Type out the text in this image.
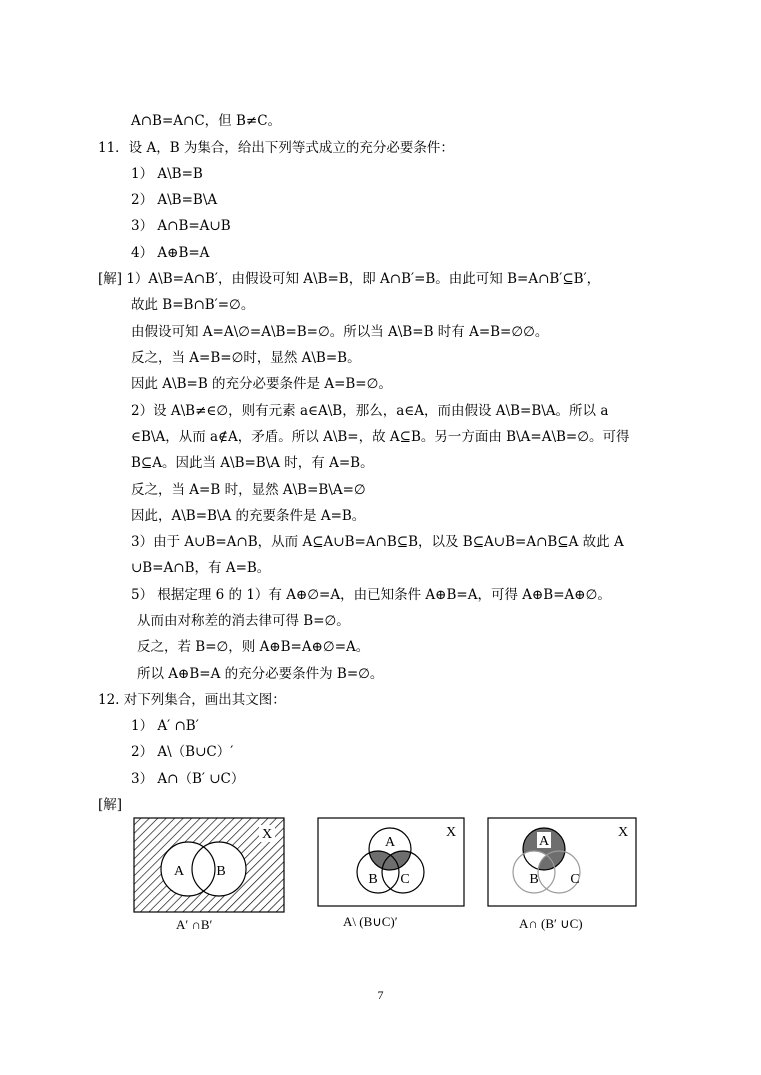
A∩B=A∩C，但 B≠C。
11．设 A，B 为集合，给出下列等式成立的充分必要条件：
1） A\B=B
2） A\B=B\A
3） A∩B=A∪B
4） A⊕B=A
[解] 1）A\B=A∩B′，由假设可知 A\B=B，即 A∩B′=B。由此可知 B=A∩B′⊆B′，
故此 B=B∩B′=∅。
由假设可知 A=A\∅=A\B=B=∅。所以当 A\B=B 时有 A=B=∅∅。
反之，当 A=B=∅时，显然 A\B=B。
因此 A\B=B 的充分必要条件是 A=B=∅。
2）设 A\B≠∈∅，则有元素 a∈A\B，那么，a∈A，而由假设 A\B=B\A。所以 a
∈B\A，从而 a∉A，矛盾。所以 A\B=，故 A⊆B。另一方面由 B\A=A\B=∅。可得
B⊆A。因此当 A\B=B\A 时，有 A=B。
反之，当 A=B 时，显然 A\B=B\A=∅
因此，A\B=B\A 的充要条件是 A=B。
3）由于 A∪B=A∩B，从而 A⊆A∪B=A∩B⊆B，以及 B⊆A∪B=A∩B⊆A 故此 A
∪B=A∩B，有 A=B。
5） 根据定理 6 的 1）有 A⊕∅=A，由已知条件 A⊕B=A，可得 A⊕B=A⊕∅。
从而由对称差的消去律可得 B=∅。
反之，若 B=∅，则 A⊕B=A⊕∅=A。
所以 A⊕B=A 的充分必要条件为 B=∅。
12. 对下列集合，画出其文图：
1） A′ ∩B′
2） A\（B∪C）′
3） A∩（B′ ∪C）
[解]
X
A B
A′ ∩B′
X
A
B C
A\ (B∪C)′
X
A
B C
A∩ (B′ ∪C)
7
